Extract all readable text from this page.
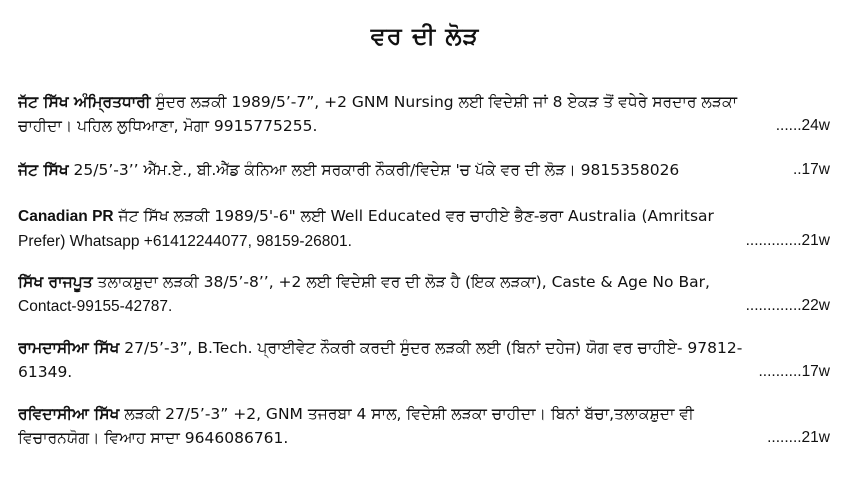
ਵਰ ਦੀ ਲੋੜ
ਜੱਟ ਸਿੱਖ ਅੰਮ੍ਰਿਤਧਾਰੀ ਸੁੰਦਰ ਲੜਕੀ 1989/5’-7”, +2 GNM Nursing ਲਈ ਵਿਦੇਸ਼ੀ ਜਾਂ 8 ਏਕੜ ਤੋਂ ਵਧੇਰੇ ਸਰਦਾਰ ਲੜਕਾ
ਚਾਹੀਦਾ। ਪਹਿਲ ਲੁਧਿਆਣਾ, ਮੋਗਾ 9915775255.	......24w
ਜੱਟ ਸਿੱਖ 25/5’-3’’ ਐੱਮ.ਏ., ਬੀ.ਐੱਡ ਕੰਨਿਆ ਲਈ ਸਰਕਾਰੀ ਨੌਕਰੀ/ਵਿਦੇਸ਼ 'ਚ ਪੱਕੇ ਵਰ ਦੀ ਲੋੜ। 9815358026	..17w
Canadian PR ਜੱਟ ਸਿੱਖ ਲੜਕੀ 1989/5'-6" ਲਈ Well Educated ਵਰ ਚਾਹੀਏ ਭੈਣ-ਭਰਾ Australia (Amritsar
Prefer) Whatsapp +61412244077, 98159-26801.	.............21w
ਸਿੱਖ ਰਾਜਪੂਤ ਤਲਾਕਸ਼ੁਦਾ ਲੜਕੀ 38/5’-8’’, +2 ਲਈ ਵਿਦੇਸ਼ੀ ਵਰ ਦੀ ਲੋੜ ਹੈ (ਇਕ ਲੜਕਾ), Caste & Age No Bar,
Contact-99155-42787.	.............22w
ਰਾਮਦਾਸੀਆ ਸਿੱਖ 27/5’-3”, B.Tech. ਪ੍ਰਾਈਵੇਟ ਨੌਕਰੀ ਕਰਦੀ ਸੁੰਦਰ ਲੜਕੀ ਲਈ (ਬਿਨਾਂ ਦਹੇਜ) ਯੋਗ ਵਰ ਚਾਹੀਏ- 97812-
61349.	..........17w
ਰਵਿਦਾਸੀਆ ਸਿੱਖ ਲੜਕੀ 27/5’-3” +2, GNM ਤਜਰਬਾ 4 ਸਾਲ, ਵਿਦੇਸ਼ੀ ਲੜਕਾ ਚਾਹੀਦਾ। ਬਿਨਾਂ ਬੱਚਾ,ਤਲਾਕਸ਼ੁਦਾ ਵੀ
ਵਿਚਾਰਨਯੋਗ। ਵਿਆਹ ਸਾਦਾ 9646086761.	........21w
